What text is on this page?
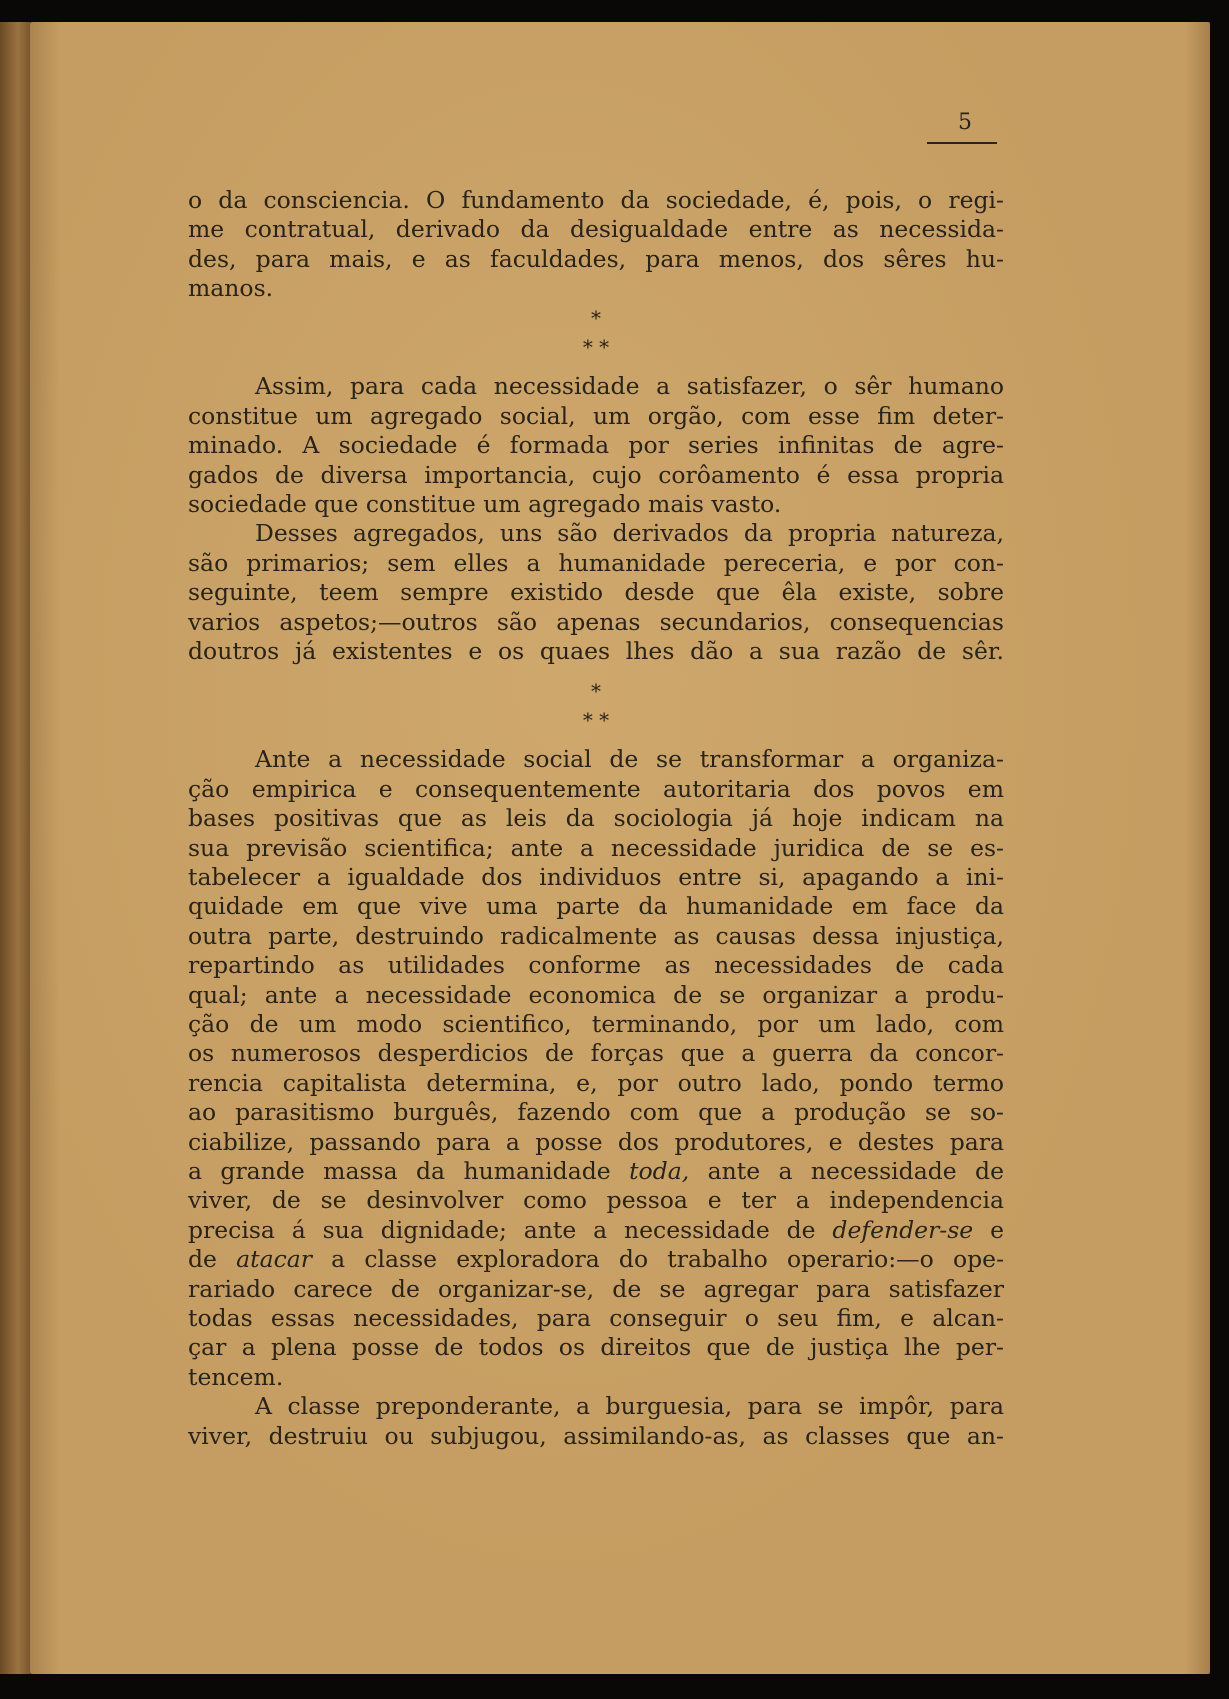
5
o da consciencia. O fundamento da sociedade, é, pois, o regi-
me contratual, derivado da desigualdade entre as necessida-
des, para mais, e as faculdades, para menos, dos sêres hu-
manos.
*
* *
Assim, para cada necessidade a satisfazer, o sêr humano
constitue um agregado social, um orgão, com esse fim deter-
minado. A sociedade é formada por series infinitas de agre-
gados de diversa importancia, cujo corôamento é essa propria
sociedade que constitue um agregado mais vasto.
Desses agregados, uns são derivados da propria natureza,
são primarios; sem elles a humanidade pereceria, e por con-
seguinte, teem sempre existido desde que êla existe, sobre
varios aspetos;—outros são apenas secundarios, consequencias
doutros já existentes e os quaes lhes dão a sua razão de sêr.
*
* *
Ante a necessidade social de se transformar a organiza-
ção empirica e consequentemente autoritaria dos povos em
bases positivas que as leis da sociologia já hoje indicam na
sua previsão scientifica; ante a necessidade juridica de se es-
tabelecer a igualdade dos individuos entre si, apagando a ini-
quidade em que vive uma parte da humanidade em face da
outra parte, destruindo radicalmente as causas dessa injustiça,
repartindo as utilidades conforme as necessidades de cada
qual; ante a necessidade economica de se organizar a produ-
ção de um modo scientifico, terminando, por um lado, com
os numerosos desperdicios de forças que a guerra da concor-
rencia capitalista determina, e, por outro lado, pondo termo
ao parasitismo burguês, fazendo com que a produção se so-
ciabilize, passando para a posse dos produtores, e destes para
a grande massa da humanidade toda, ante a necessidade de
viver, de se desinvolver como pessoa e ter a independencia
precisa á sua dignidade; ante a necessidade de defender-se e
de atacar a classe exploradora do trabalho operario:—o ope-
rariado carece de organizar-se, de se agregar para satisfazer
todas essas necessidades, para conseguir o seu fim, e alcan-
çar a plena posse de todos os direitos que de justiça lhe per-
tencem.
A classe preponderante, a burguesia, para se impôr, para
viver, destruiu ou subjugou, assimilando-as, as classes que an-
